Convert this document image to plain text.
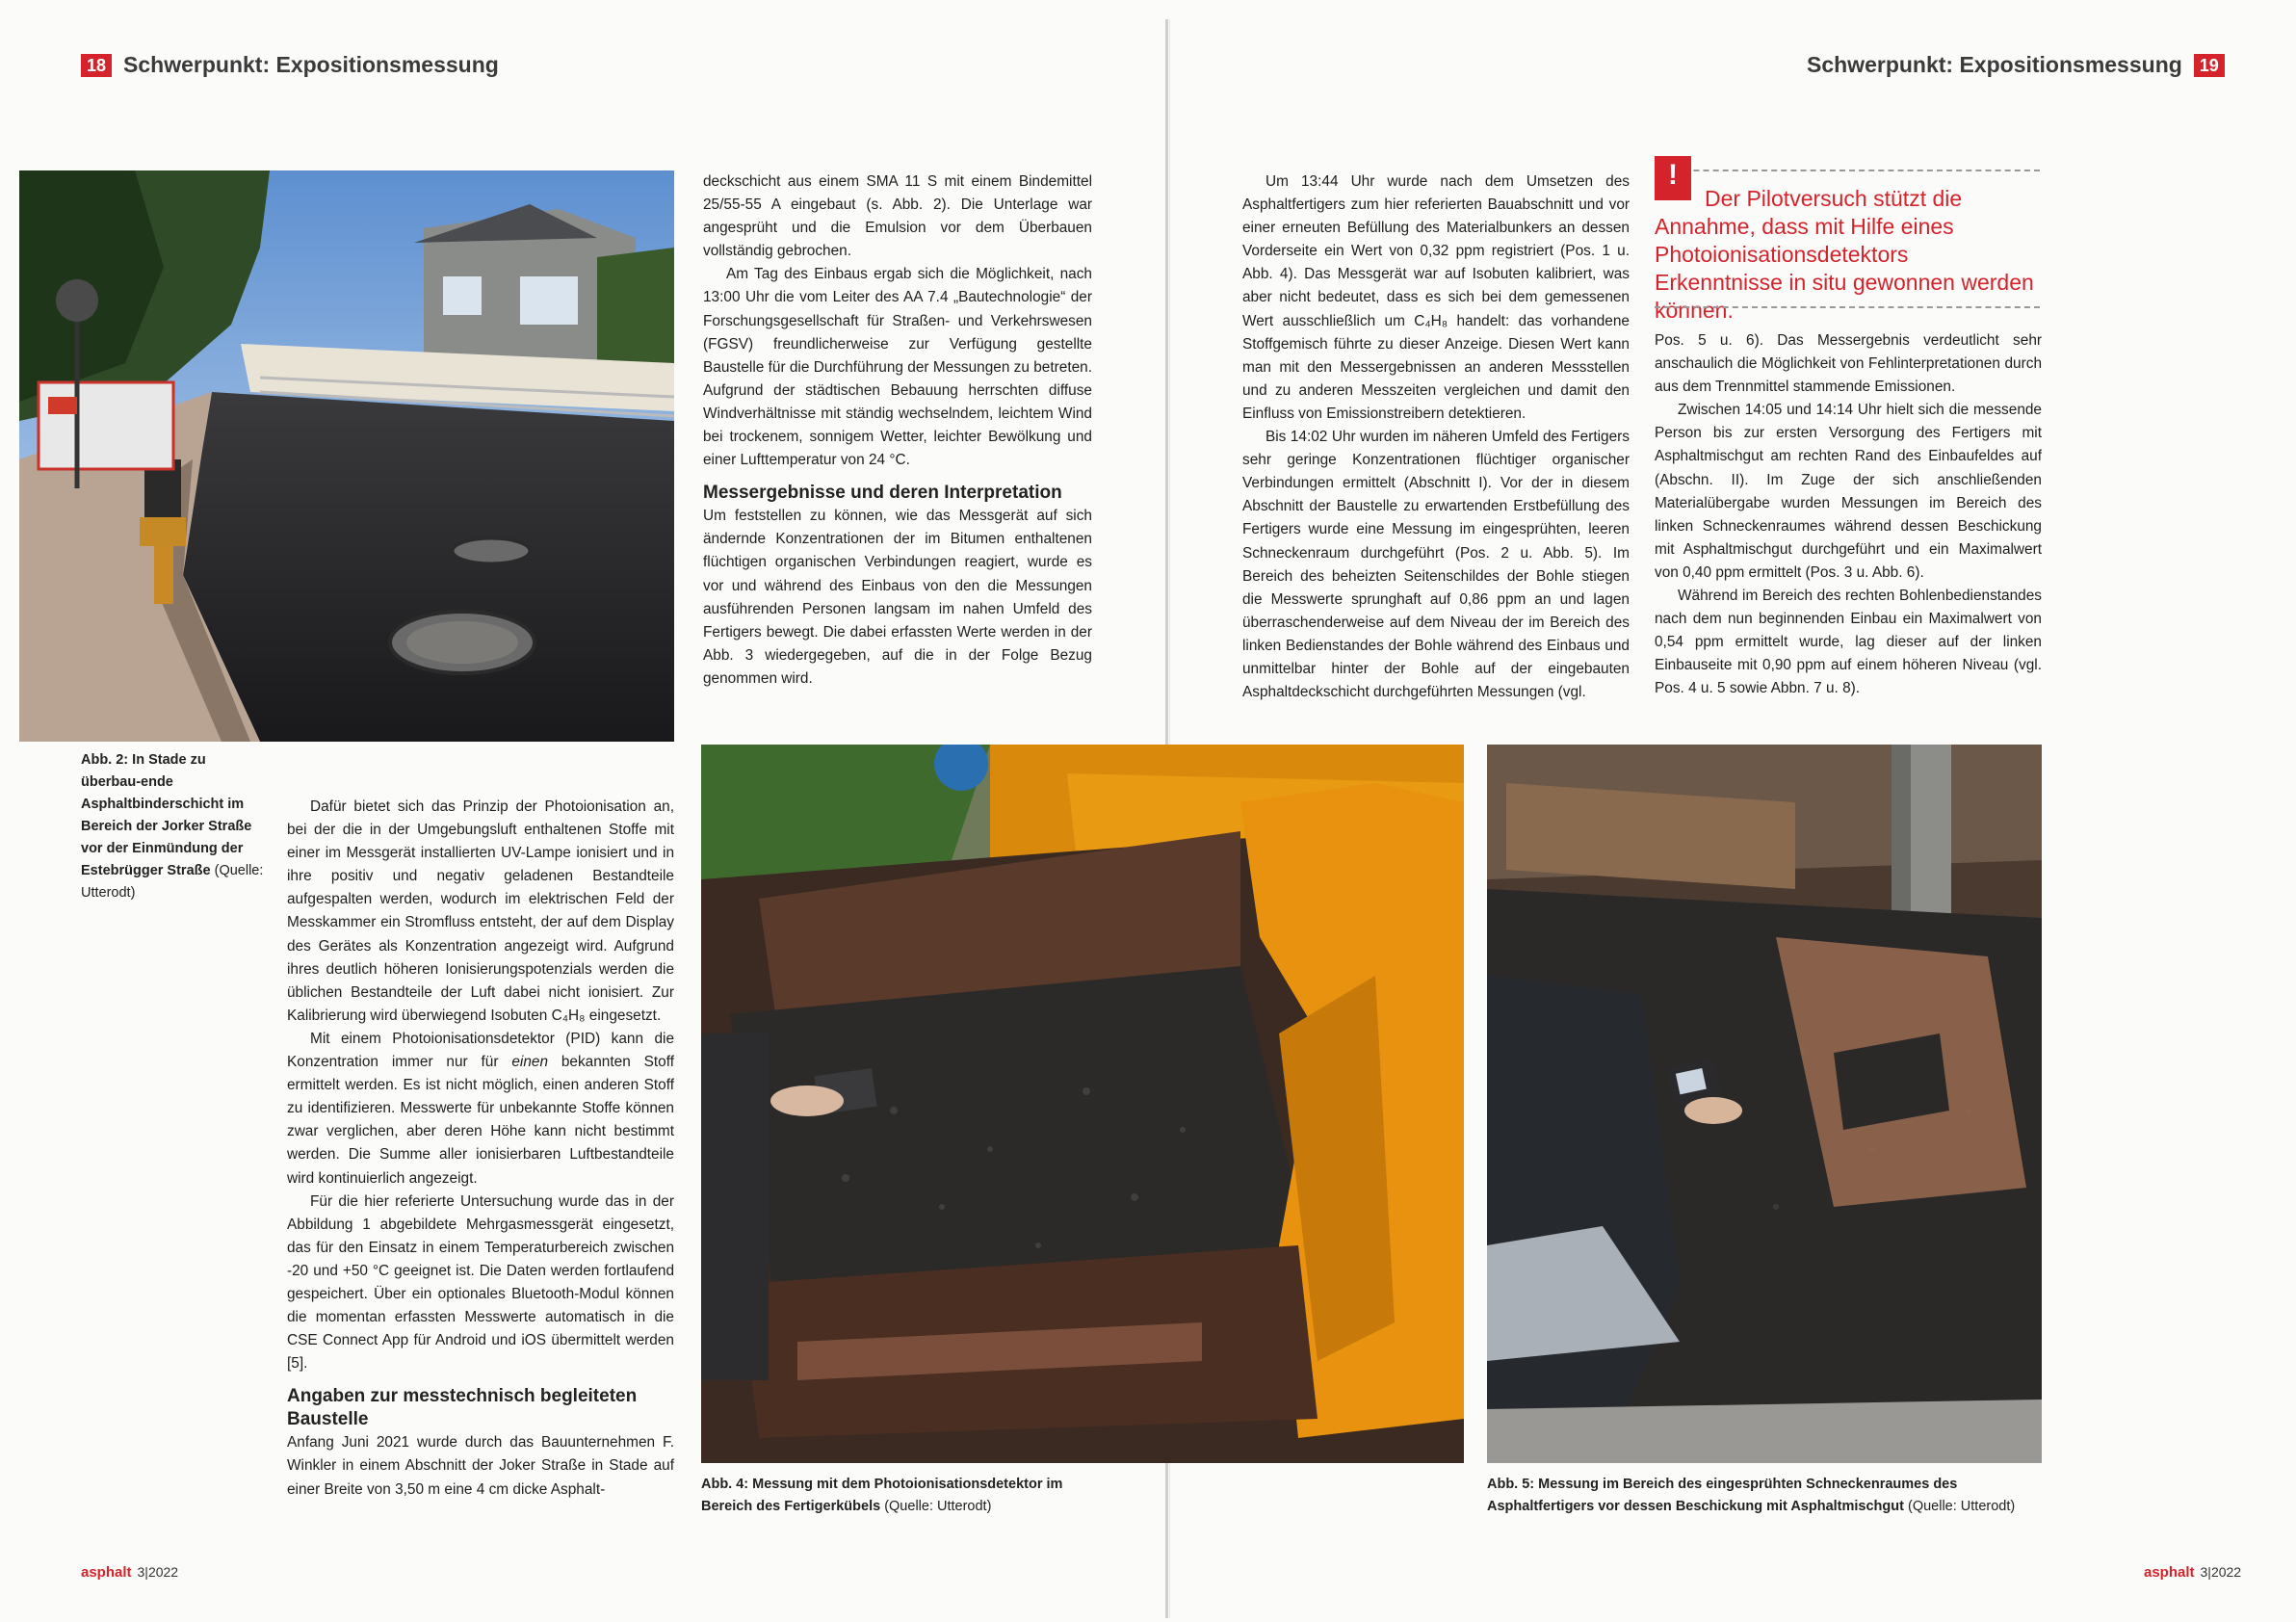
18 Schwerpunkt: Expositionsmessung	Schwerpunkt: Expositionsmessung	19
Abb. 2: In Stade zu überbau-ende Asphaltbinderschicht im Bereich der Jorker Straße vor der Einmündung der Estebrügger Straße (Quelle: Utterodt)

Dafür bietet sich das Prinzip der Photoionisation an, bei der die in der Umgebungsluft enthaltenen Stoffe mit einer im Messgerät installierten UV-Lampe ionisiert und in ihre positiv und negativ geladenen Bestandteile aufgespalten werden, wodurch im elektrischen Feld der Messkammer ein Stromfluss entsteht, der auf dem Display des Gerätes als Konzentration angezeigt wird. Aufgrund ihres deutlich höheren Ionisierungspotenzials werden die üblichen Bestandteile der Luft dabei nicht ionisiert. Zur Kalibrierung wird überwiegend Isobuten C₄H₈ eingesetzt.

Mit einem Photoionisationsdetektor (PID) kann die Konzentration immer nur für einen bekannten Stoff ermittelt werden. Es ist nicht möglich, einen anderen Stoff zu identifizieren. Messwerte für unbekannte Stoffe können zwar verglichen, aber deren Höhe kann nicht bestimmt werden. Die Summe aller ionisierbaren Luftbestandteile wird kontinuierlich angezeigt.

Für die hier referierte Untersuchung wurde das in der Abbildung 1 abgebildete Mehrgasmessgerät eingesetzt, das für den Einsatz in einem Temperaturbereich zwischen -20 und +50 °C geeignet ist. Die Daten werden fortlaufend gespeichert. Über ein optionales Bluetooth-Modul können die momentan erfassten Messwerte automatisch in die CSE Connect App für Android und iOS übermittelt werden [5].

Angaben zur messtechnisch begleiteten Baustelle

Anfang Juni 2021 wurde durch das Bauunternehmen F. Winkler in einem Abschnitt der Joker Straße in Stade auf einer Breite von 3,50 m eine 4 cm dicke Asphalt-

deckschicht aus einem SMA 11 S mit einem Bindemittel 25/55-55 A eingebaut (s. Abb. 2). Die Unterlage war angesprüht und die Emulsion vor dem Überbauen vollständig gebrochen.

Am Tag des Einbaus ergab sich die Möglichkeit, nach 13:00 Uhr die vom Leiter des AA 7.4 „Bautechnologie“ der Forschungsgesellschaft für Straßen- und Verkehrswesen (FGSV) freundlicherweise zur Verfügung gestellte Baustelle für die Durchführung der Messungen zu betreten. Aufgrund der städtischen Bebauung herrschten diffuse Windverhältnisse mit ständig wechselndem, leichtem Wind bei trockenem, sonnigem Wetter, leichter Bewölkung und einer Lufttemperatur von 24 °C.

Messergebnisse und deren Interpretation

Um feststellen zu können, wie das Messgerät auf sich ändernde Konzentrationen der im Bitumen enthaltenen flüchtigen organischen Verbindungen reagiert, wurde es vor und während des Einbaus von den die Messungen ausführenden Personen langsam im nahen Umfeld des Fertigers bewegt. Die dabei erfassten Werte werden in der Abb. 3 wiedergegeben, auf die in der Folge Bezug genommen wird.

Abb. 4: Messung mit dem Photoionisationsdetektor im Bereich des Fertigerkübels (Quelle: Utterodt)

Um 13:44 Uhr wurde nach dem Umsetzen des Asphaltfertigers zum hier referierten Bauabschnitt und vor einer erneuten Befüllung des Materialbunkers an dessen Vorderseite ein Wert von 0,32 ppm registriert (Pos. 1 u. Abb. 4). Das Messgerät war auf Isobuten kalibriert, was aber nicht bedeutet, dass es sich bei dem gemessenen Wert ausschließlich um C₄H₈ handelt: das vorhandene Stoffgemisch führte zu dieser Anzeige. Diesen Wert kann man mit den Messergebnissen an anderen Messstellen und zu anderen Messzeiten vergleichen und damit den Einfluss von Emissionstreibern detektieren.

Bis 14:02 Uhr wurden im näheren Umfeld des Fertigers sehr geringe Konzentrationen flüchtiger organischer Verbindungen ermittelt (Abschnitt I). Vor der in diesem Abschnitt der Baustelle zu erwartenden Erstbefüllung des Fertigers wurde eine Messung im eingesprühten, leeren Schneckenraum durchgeführt (Pos. 2 u. Abb. 5). Im Bereich des beheizten Seitenschildes der Bohle stiegen die Messwerte sprunghaft auf 0,86 ppm an und lagen überraschenderweise auf dem Niveau der im Bereich des linken Bedienstandes der Bohle während des Einbaus und unmittelbar hinter der Bohle auf der eingebauten Asphaltdeckschicht durchgeführten Messungen (vgl.

!
Der Pilotversuch stützt die Annahme, dass mit Hilfe eines Photoionisationsdetektors Erkenntnisse in situ gewonnen werden können.

Pos. 5 u. 6). Das Messergebnis verdeutlicht sehr anschaulich die Möglichkeit von Fehlinterpretationen durch aus dem Trennmittel stammende Emissionen.

Zwischen 14:05 und 14:14 Uhr hielt sich die messende Person bis zur ersten Versorgung des Fertigers mit Asphaltmischgut am rechten Rand des Einbaufeldes auf (Abschn. II). Im Zuge der sich anschließenden Materialübergabe wurden Messungen im Bereich des linken Schneckenraumes während dessen Beschickung mit Asphaltmischgut durchgeführt und ein Maximalwert von 0,40 ppm ermittelt (Pos. 3 u. Abb. 6).

Während im Bereich des rechten Bohlenbedienstandes nach dem nun beginnenden Einbau ein Maximalwert von 0,54 ppm ermittelt wurde, lag dieser auf der linken Einbauseite mit 0,90 ppm auf einem höheren Niveau (vgl. Pos. 4 u. 5 sowie Abbn. 7 u. 8).

Abb. 5: Messung im Bereich des eingesprühten Schneckenraumes des Asphaltfertigers vor dessen Beschickung mit Asphaltmischgut (Quelle: Utterodt)
asphalt 3|2022	asphalt 3|2022
